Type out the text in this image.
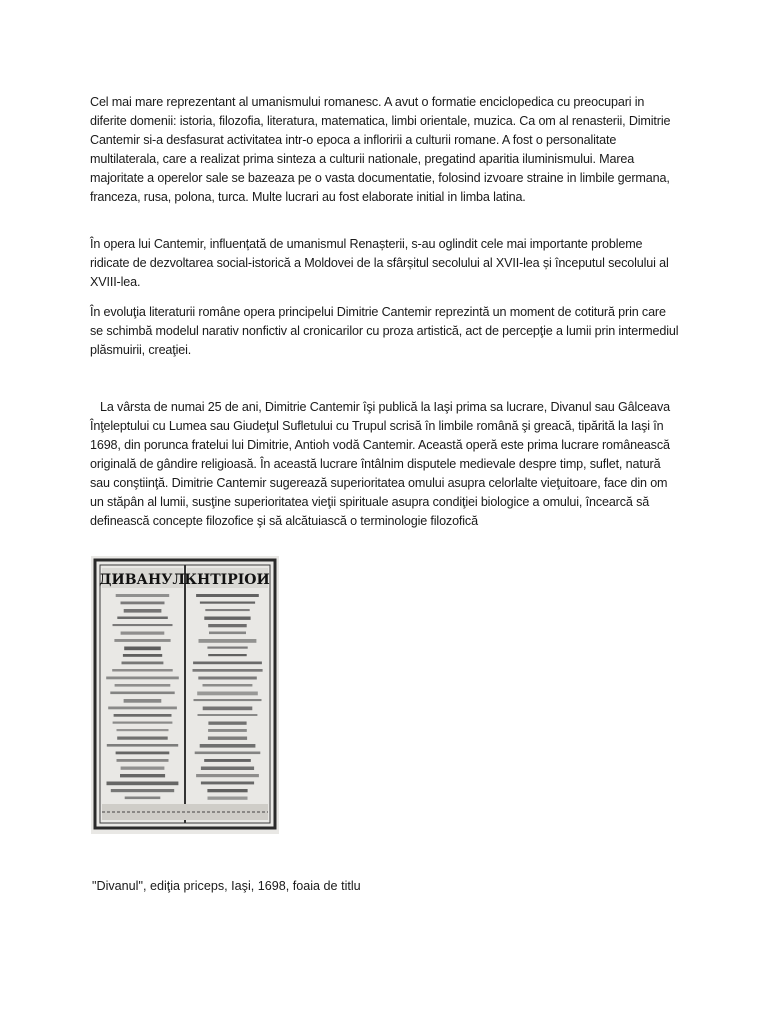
Cel mai mare reprezentant al umanismului romanesc. A avut o formatie enciclopedica cu preocupari in diferite domenii: istoria, filozofia, literatura, matematica, limbi orientale, muzica. Ca om al renasterii, Dimitrie Cantemir si-a desfasurat activitatea intr-o epoca a infloririi a culturii romane. A fost o personalitate multilaterala, care a realizat prima sinteza a culturii nationale, pregatind aparitia iluminismului. Marea majoritate a operelor sale se bazeaza pe o vasta documentatie, folosind izvoare straine in limbile germana, franceza, rusa, polona, turca. Multe lucrari au fost elaborate initial in limba latina.

În opera lui Cantemir, influențată de umanismul Renașterii, s-au oglindit cele mai importante probleme ridicate de dezvoltarea social-istorică a Moldovei de la sfârșitul secolului al XVII-lea și începutul secolului al XVIII-lea.

În evoluţia literaturii române opera principelui Dimitrie Cantemir reprezintă un moment de cotitură prin care se schimbă modelul narativ nonfictiv al cronicarilor cu proza artistică, act de percepţie a lumii prin intermediul plăsmuirii, creaţiei.

La vârsta de numai 25 de ani, Dimitrie Cantemir îşi publică la Iaşi prima sa lucrare, Divanul sau Gâlceava Înţeleptului cu Lumea sau Giudeţul Sufletului cu Trupul scrisă în limbile română şi greacă, tipărită la Iaşi în 1698, din porunca fratelui lui Dimitrie, Antioh vodă Cantemir. Această operă este prima lucrare românească originală de gândire religioasă. În această lucrare întâlnim disputele medievale despre timp, suflet, natură sau conştiinţă. Dimitrie Cantemir sugerează superioritatea omului asupra celorlalte vieţuitoare, face din om un stăpân al lumii, susţine superioritatea vieţii spirituale asupra condiţiei biologice a omului, încearcă să definească concepte filozofice şi să alcătuiască o terminologie filozofică

ДИВАНУЛ КНТIРІОИ

"Divanul", ediţia priceps, Iaşi, 1698, foaia de titlu
